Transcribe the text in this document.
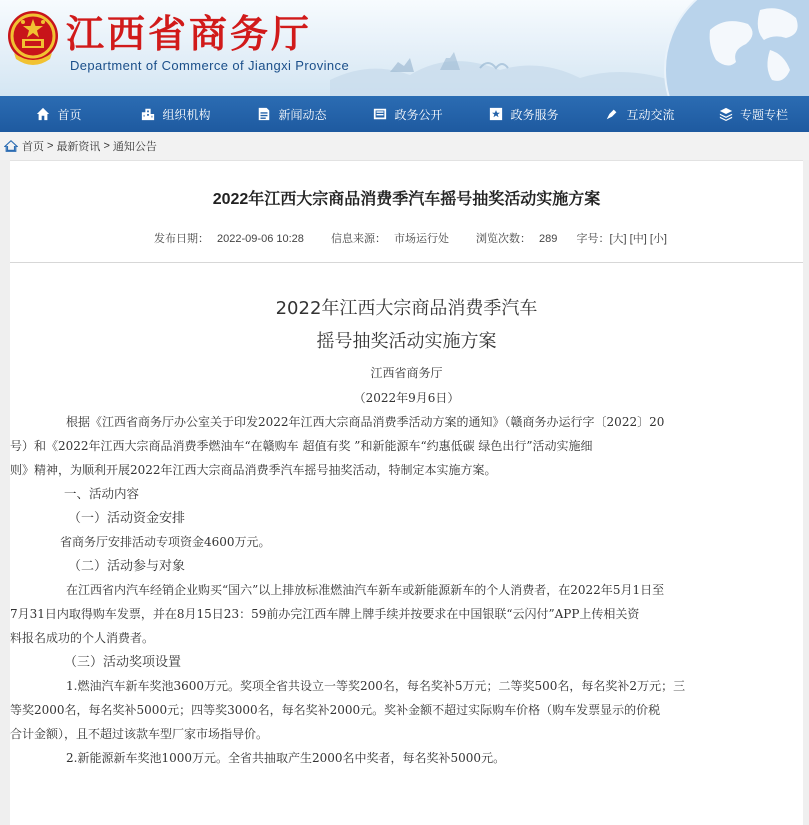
江西省商务厅
Department of Commerce of Jiangxi Province
首页	组织机构	新闻动态	政务公开	政务服务	互动交流	专题专栏
首页 > 最新资讯 > 通知公告
2022年江西大宗商品消费季汽车摇号抽奖活动实施方案
发布日期： 2022-09-06 10:28 信息来源： 市场运行处 浏览次数： 289 字号：[大] [中] [小]
2022年江西大宗商品消费季汽车
摇号抽奖活动实施方案
江西省商务厅
（2022年9月6日）
根据《江西省商务厅办公室关于印发2022年江西大宗商品消费季活动方案的通知》（赣商务办运行字〔2022〕20
号）和《2022年江西大宗商品消费季燃油车“在赣购车 超值有奖 ”和新能源车“约惠低碳 绿色出行”活动实施细
则》精神，为顺利开展2022年江西大宗商品消费季汽车摇号抽奖活动，特制定本实施方案。
一、活动内容
（一）活动资金安排
省商务厅安排活动专项资金4600万元。
（二）活动参与对象
在江西省内汽车经销企业购买“国六”以上排放标准燃油汽车新车或新能源新车的个人消费者，在2022年5月1日至
7月31日内取得购车发票，并在8月15日23：59前办完江西车牌上牌手续并按要求在中国银联“云闪付”APP上传相关资
料报名成功的个人消费者。
（三）活动奖项设置
1.燃油汽车新车奖池3600万元。奖项全省共设立一等奖200名，每名奖补5万元；二等奖500名，每名奖补2万元；三
等奖2000名，每名奖补5000元；四等奖3000名，每名奖补2000元。奖补金额不超过实际购车价格（购车发票显示的价税
合计金额），且不超过该款车型厂家市场指导价。
2.新能源新车奖池1000万元。全省共抽取产生2000名中奖者，每名奖补5000元。
